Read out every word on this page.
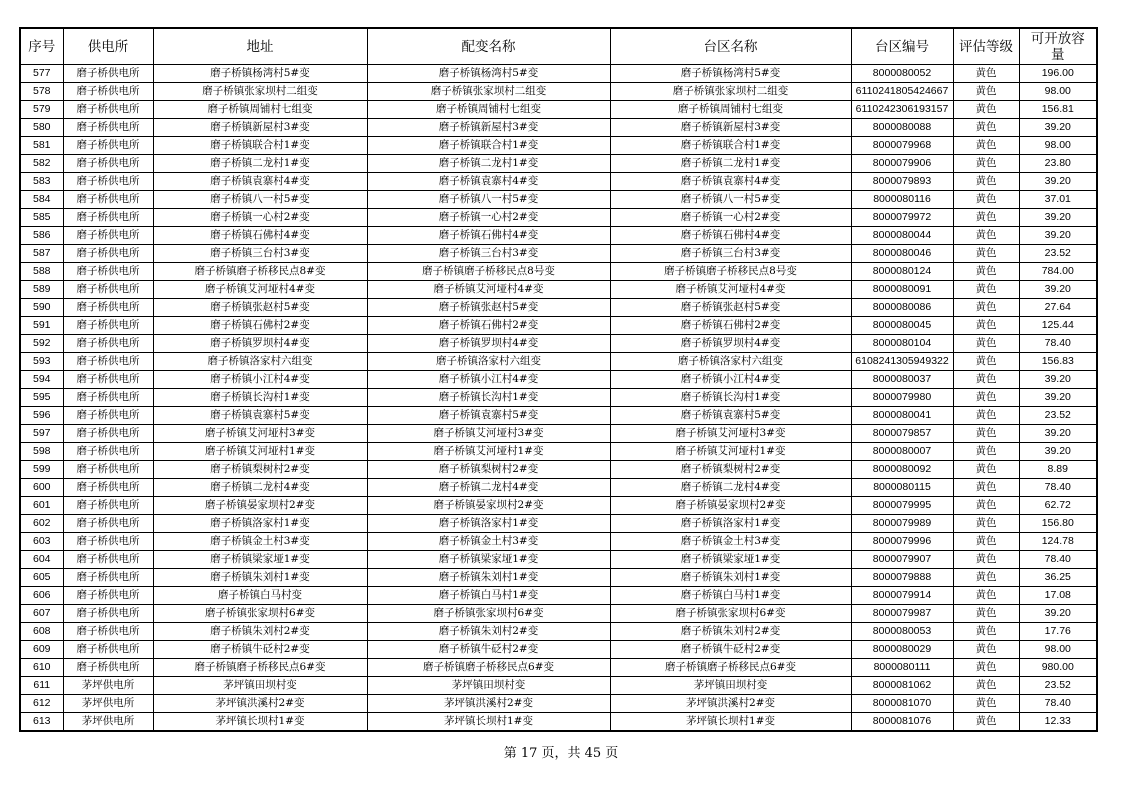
序号	供电所	地址	配变名称	台区名称	台区编号	评估等级	可开放容量
577	磨子桥供电所	磨子桥镇杨湾村5#变	磨子桥镇杨湾村5#变	磨子桥镇杨湾村5#变	8000080052	黄色	196.00
578	磨子桥供电所	磨子桥镇张家坝村二组变	磨子桥镇张家坝村二组变	磨子桥镇张家坝村二组变	6110241805424667	黄色	98.00
579	磨子桥供电所	磨子桥镇周铺村七组变	磨子桥镇周铺村七组变	磨子桥镇周铺村七组变	6110242306193157	黄色	156.81
580	磨子桥供电所	磨子桥镇新屋村3#变	磨子桥镇新屋村3#变	磨子桥镇新屋村3#变	8000080088	黄色	39.20
581	磨子桥供电所	磨子桥镇联合村1#变	磨子桥镇联合村1#变	磨子桥镇联合村1#变	8000079968	黄色	98.00
582	磨子桥供电所	磨子桥镇二龙村1#变	磨子桥镇二龙村1#变	磨子桥镇二龙村1#变	8000079906	黄色	23.80
583	磨子桥供电所	磨子桥镇袁寨村4#变	磨子桥镇袁寨村4#变	磨子桥镇袁寨村4#变	8000079893	黄色	39.20
584	磨子桥供电所	磨子桥镇八一村5#变	磨子桥镇八一村5#变	磨子桥镇八一村5#变	8000080116	黄色	37.01
585	磨子桥供电所	磨子桥镇一心村2#变	磨子桥镇一心村2#变	磨子桥镇一心村2#变	8000079972	黄色	39.20
586	磨子桥供电所	磨子桥镇石佛村4#变	磨子桥镇石佛村4#变	磨子桥镇石佛村4#变	8000080044	黄色	39.20
587	磨子桥供电所	磨子桥镇三台村3#变	磨子桥镇三台村3#变	磨子桥镇三台村3#变	8000080046	黄色	23.52
588	磨子桥供电所	磨子桥镇磨子桥移民点8#变	磨子桥镇磨子桥移民点8号变	磨子桥镇磨子桥移民点8号变	8000080124	黄色	784.00
589	磨子桥供电所	磨子桥镇艾河垭村4#变	磨子桥镇艾河垭村4#变	磨子桥镇艾河垭村4#变	8000080091	黄色	39.20
590	磨子桥供电所	磨子桥镇张赵村5#变	磨子桥镇张赵村5#变	磨子桥镇张赵村5#变	8000080086	黄色	27.64
591	磨子桥供电所	磨子桥镇石佛村2#变	磨子桥镇石佛村2#变	磨子桥镇石佛村2#变	8000080045	黄色	125.44
592	磨子桥供电所	磨子桥镇罗坝村4#变	磨子桥镇罗坝村4#变	磨子桥镇罗坝村4#变	8000080104	黄色	78.40
593	磨子桥供电所	磨子桥镇洛家村六组变	磨子桥镇洛家村六组变	磨子桥镇洛家村六组变	6108241305949322	黄色	156.83
594	磨子桥供电所	磨子桥镇小江村4#变	磨子桥镇小江村4#变	磨子桥镇小江村4#变	8000080037	黄色	39.20
595	磨子桥供电所	磨子桥镇长沟村1#变	磨子桥镇长沟村1#变	磨子桥镇长沟村1#变	8000079980	黄色	39.20
596	磨子桥供电所	磨子桥镇袁寨村5#变	磨子桥镇袁寨村5#变	磨子桥镇袁寨村5#变	8000080041	黄色	23.52
597	磨子桥供电所	磨子桥镇艾河垭村3#变	磨子桥镇艾河垭村3#变	磨子桥镇艾河垭村3#变	8000079857	黄色	39.20
598	磨子桥供电所	磨子桥镇艾河垭村1#变	磨子桥镇艾河垭村1#变	磨子桥镇艾河垭村1#变	8000080007	黄色	39.20
599	磨子桥供电所	磨子桥镇梨树村2#变	磨子桥镇梨树村2#变	磨子桥镇梨树村2#变	8000080092	黄色	8.89
600	磨子桥供电所	磨子桥镇二龙村4#变	磨子桥镇二龙村4#变	磨子桥镇二龙村4#变	8000080115	黄色	78.40
601	磨子桥供电所	磨子桥镇晏家坝村2#变	磨子桥镇晏家坝村2#变	磨子桥镇晏家坝村2#变	8000079995	黄色	62.72
602	磨子桥供电所	磨子桥镇洛家村1#变	磨子桥镇洛家村1#变	磨子桥镇洛家村1#变	8000079989	黄色	156.80
603	磨子桥供电所	磨子桥镇金土村3#变	磨子桥镇金土村3#变	磨子桥镇金土村3#变	8000079996	黄色	124.78
604	磨子桥供电所	磨子桥镇梁家垭1#变	磨子桥镇梁家垭1#变	磨子桥镇梁家垭1#变	8000079907	黄色	78.40
605	磨子桥供电所	磨子桥镇朱刘村1#变	磨子桥镇朱刘村1#变	磨子桥镇朱刘村1#变	8000079888	黄色	36.25
606	磨子桥供电所	磨子桥镇白马村变	磨子桥镇白马村1#变	磨子桥镇白马村1#变	8000079914	黄色	17.08
607	磨子桥供电所	磨子桥镇张家坝村6#变	磨子桥镇张家坝村6#变	磨子桥镇张家坝村6#变	8000079987	黄色	39.20
608	磨子桥供电所	磨子桥镇朱刘村2#变	磨子桥镇朱刘村2#变	磨子桥镇朱刘村2#变	8000080053	黄色	17.76
609	磨子桥供电所	磨子桥镇牛砭村2#变	磨子桥镇牛砭村2#变	磨子桥镇牛砭村2#变	8000080029	黄色	98.00
610	磨子桥供电所	磨子桥镇磨子桥移民点6#变	磨子桥镇磨子桥移民点6#变	磨子桥镇磨子桥移民点6#变	8000080111	黄色	980.00
611	茅坪供电所	茅坪镇田坝村变	茅坪镇田坝村变	茅坪镇田坝村变	8000081062	黄色	23.52
612	茅坪供电所	茅坪镇洪溪村2#变	茅坪镇洪溪村2#变	茅坪镇洪溪村2#变	8000081070	黄色	78.40
613	茅坪供电所	茅坪镇长坝村1#变	茅坪镇长坝村1#变	茅坪镇长坝村1#变	8000081076	黄色	12.33
第 17 页，共 45 页
